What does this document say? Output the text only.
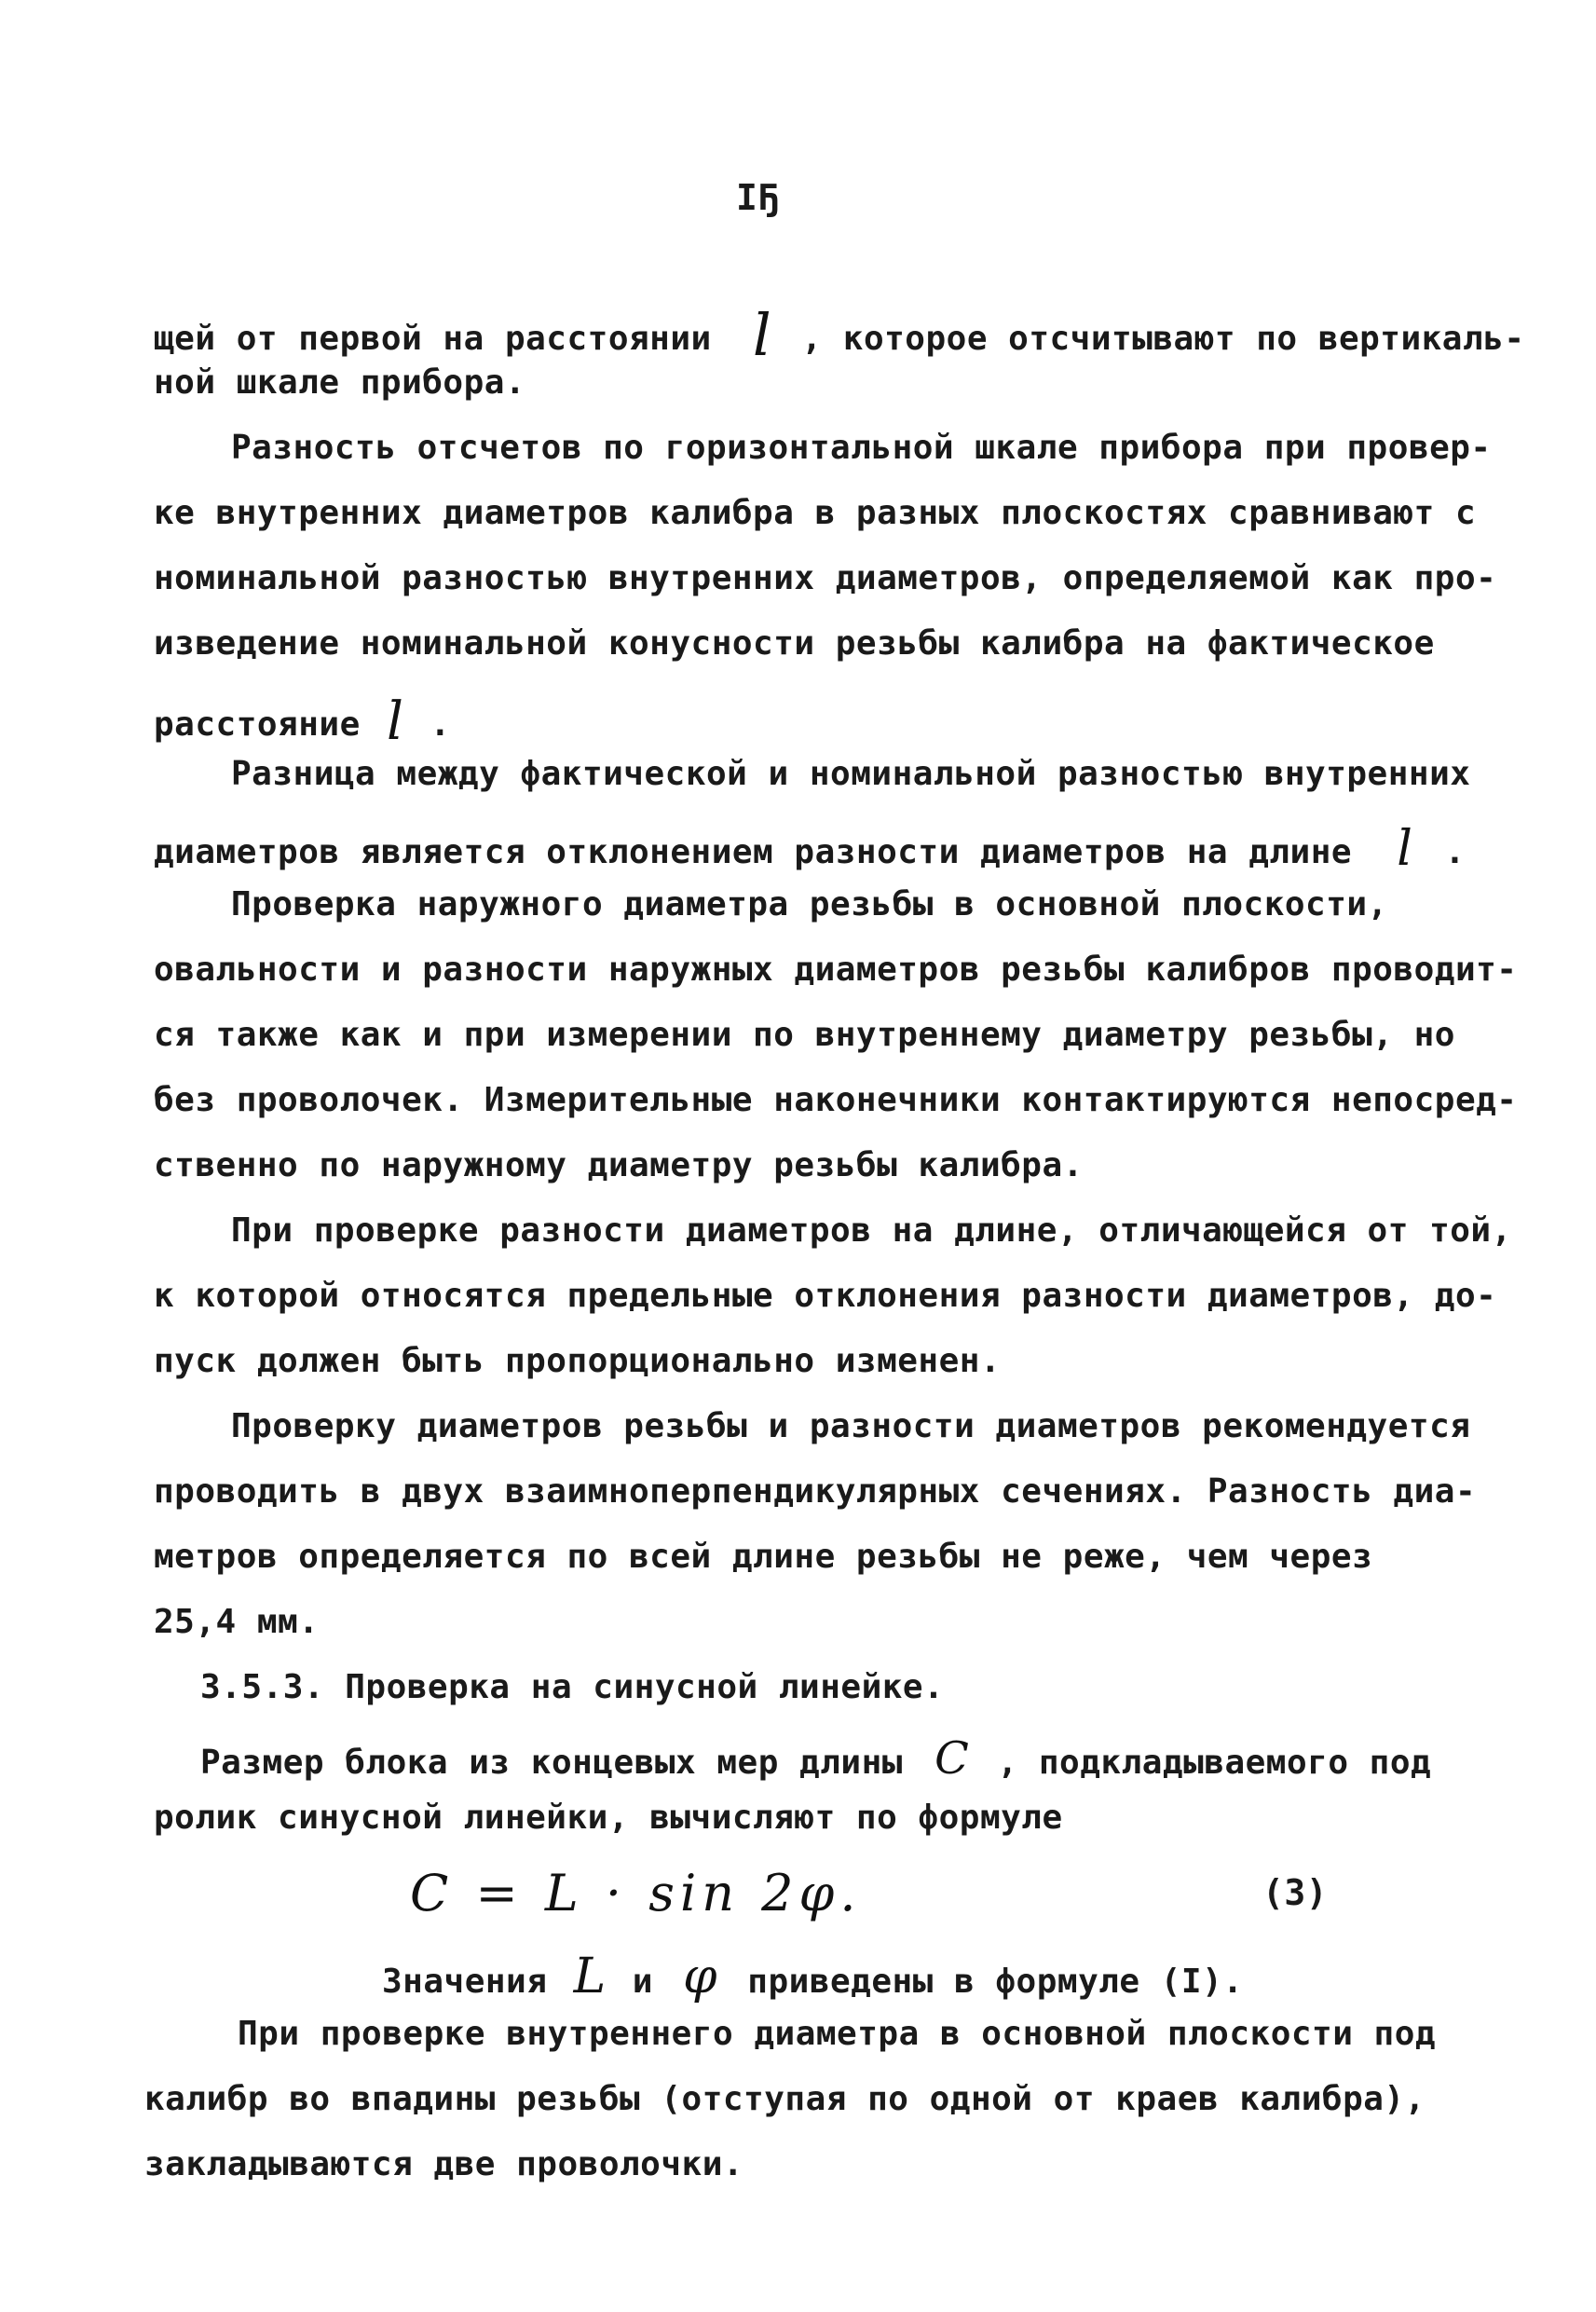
IҔ
щей от первой на расстоянии l , которое отсчитывают по вертикаль-
ной шкале прибора.
Разность отсчетов по горизонтальной шкале прибора при провер-
ке внутренних диаметров калибра в разных плоскостях сравнивают с
номинальной разностью внутренних диаметров, определяемой как про-
изведение номинальной конусности резьбы калибра на фактическое
расстояние l .
Разница между фактической и номинальной разностью внутренних
диаметров является отклонением разности диаметров на длине l .
Проверка наружного диаметра резьбы в основной плоскости,
овальности и разности наружных диаметров резьбы калибров проводит-
ся также как и при измерении по внутреннему диаметру резьбы, но
без проволочек. Измерительные наконечники контактируются непосред-
ственно по наружному диаметру резьбы калибра.
При проверке разности диаметров на длине, отличающейся от той,
к которой относятся предельные отклонения разности диаметров, до-
пуск должен быть пропорционально изменен.
Проверку диаметров резьбы и разности диаметров рекомендуется
проводить в двух взаимноперпендикулярных сечениях. Разность диа-
метров определяется по всей длине резьбы не реже, чем через
25,4 мм.
3.5.3. Проверка на синусной линейке.
Размер блока из концевых мер длины C , подкладываемого под
ролик синусной линейки, вычисляют по формуле
C = L · sin 2φ.	(3)
Значения L и φ приведены в формуле (I).
При проверке внутреннего диаметра в основной плоскости под
калибр во впадины резьбы (отступая по одной от краев калибра),
закладываются две проволочки.
